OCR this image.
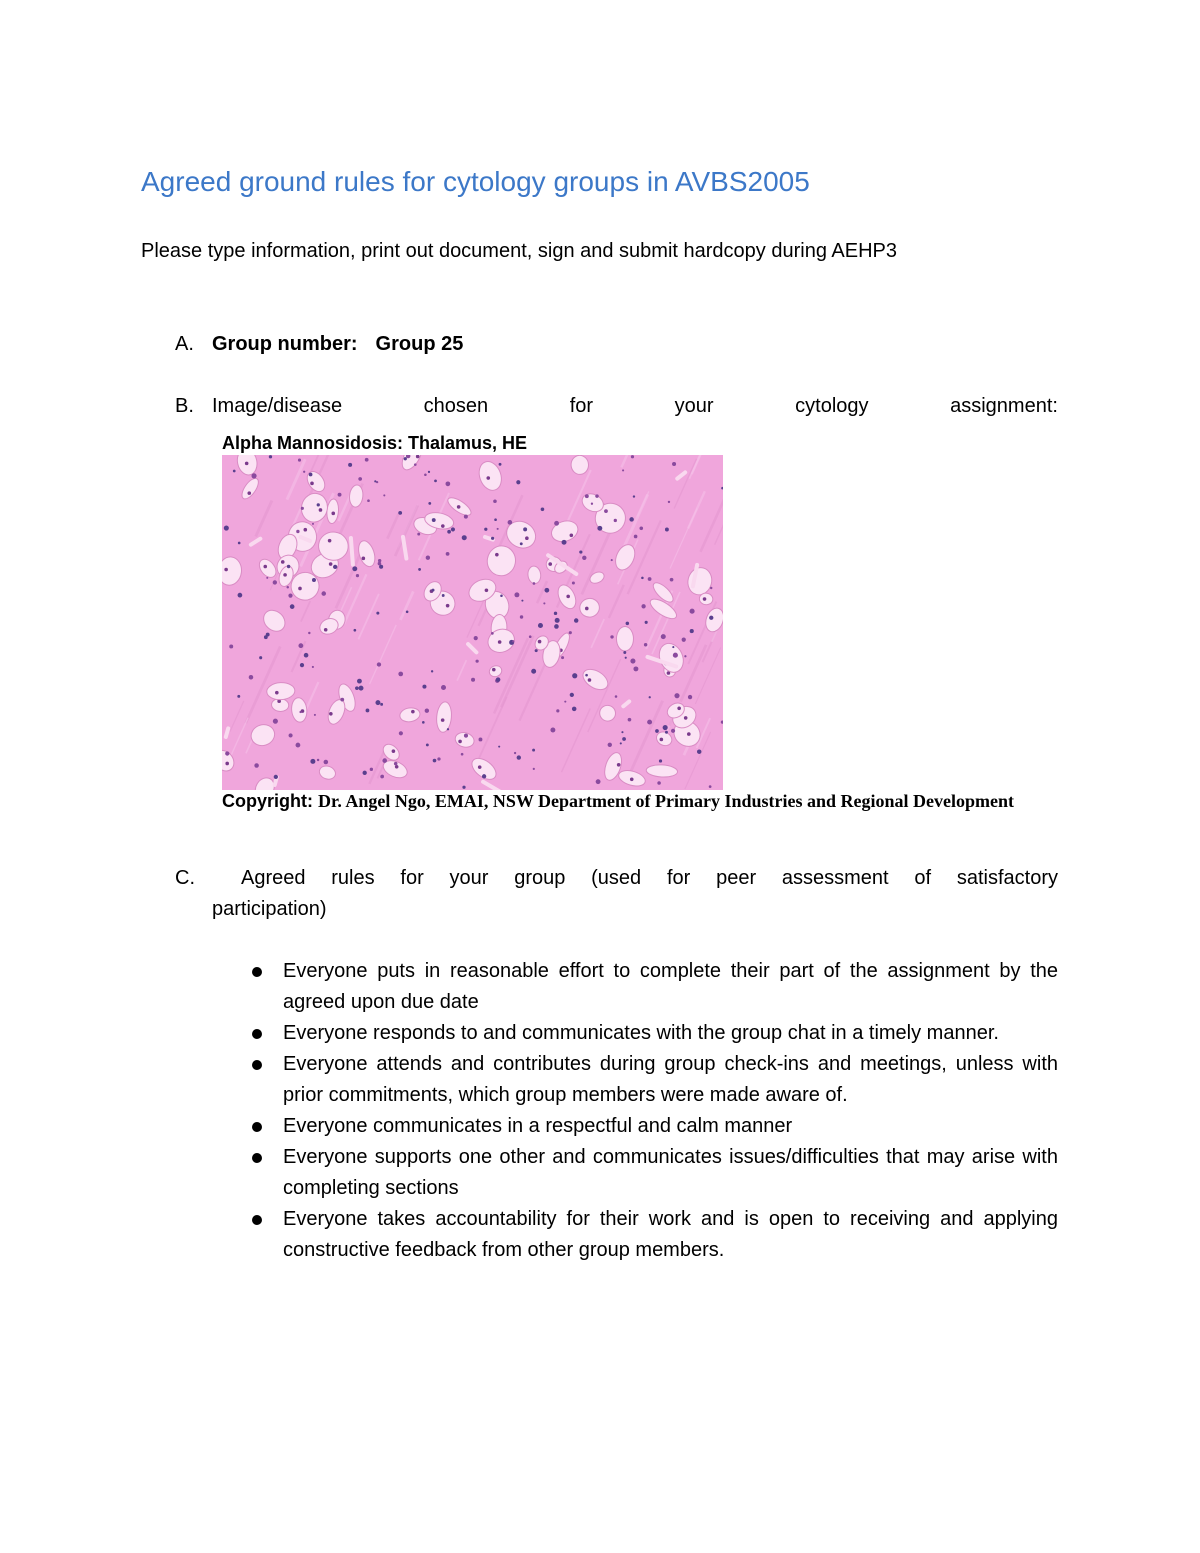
Agreed ground rules for cytology groups in AVBS2005
Please type information, print out document, sign and submit hardcopy during AEHP3
A. Group number: Group 25
B. Image/disease	chosen	for	your	cytology	assignment:
Alpha Mannosidosis: Thalamus, HE
Copyright: Dr. Angel Ngo, EMAI, NSW Department of Primary Industries and Regional Development
C. Agreed rules for your group (used for peer assessment of satisfactory
participation)
Everyone puts in reasonable effort to complete their part of the assignment by the agreed upon due date
Everyone responds to and communicates with the group chat in a timely manner.
Everyone attends and contributes during group check-ins and meetings, unless with prior commitments, which group members were made aware of.
Everyone communicates in a respectful and calm manner
Everyone supports one other and communicates issues/difficulties that may arise with completing sections
Everyone takes accountability for their work and is open to receiving and applying constructive feedback from other group members.
